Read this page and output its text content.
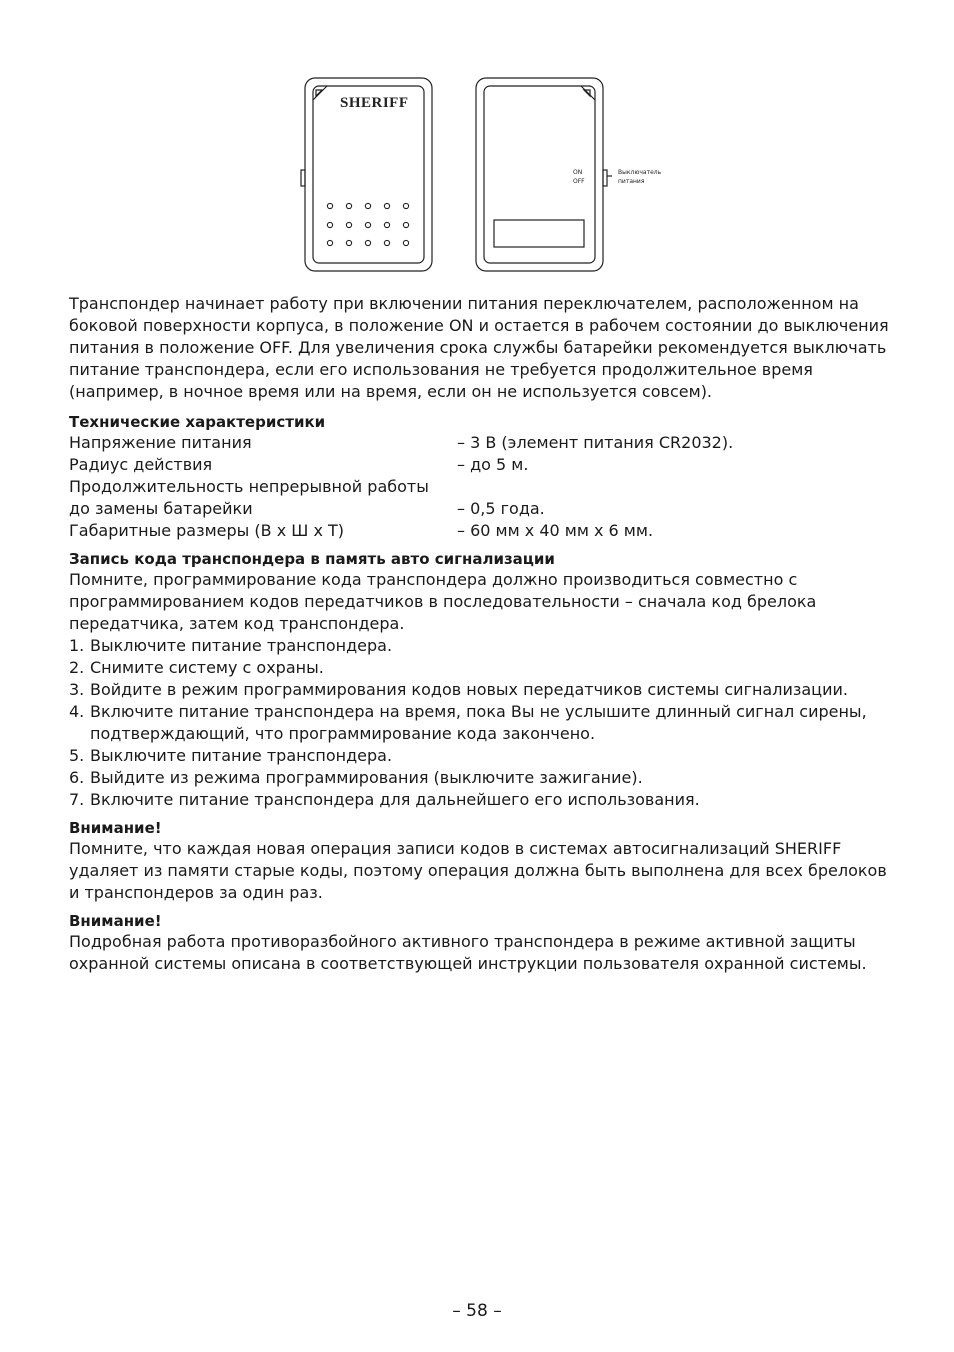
SHERIFF
ON
OFF
Выключатель
питания

Транспондер начинает работу при включении питания переключателем, расположенном на боковой поверхности корпуса, в положение ON и остается в рабочем состоянии до выключения питания в положение OFF. Для увеличения срока службы батарейки рекомендуется выключать питание транспондера, если его использования не требуется продолжительное время (например, в ночное время или на время, если он не используется совсем).

Технические характеристики

Напряжение питания	– 3 В (элемент питания CR2032).
Радиус действия	– до 5 м.
Продолжительность непрерывной работы
до замены батарейки	– 0,5 года.
Габаритные размеры (В х Ш х Т)	– 60 мм х 40 мм х 6 мм.

Запись кода транспондера в память авто сигнализации

Помните, программирование кода транспондера должно производиться совместно с программированием кодов передатчиков в последовательности – сначала код брелока передатчика, затем код транспондера.

1. Выключите питание транспондера.
2. Снимите систему с охраны.
3. Войдите в режим программирования кодов новых передатчиков системы сигнализации.
4. Включите питание транспондера на время, пока Вы не услышите длинный сигнал сирены, подтверждающий, что программирование кода закончено.
5. Выключите питание транспондера.
6. Выйдите из режима программирования (выключите зажигание).
7. Включите питание транспондера для дальнейшего его использования.

Внимание!

Помните, что каждая новая операция записи кодов в системах автосигнализаций SHERIFF удаляет из памяти старые коды, поэтому операция должна быть выполнена для всех брелоков и транспондеров за один раз.

Внимание!

Подробная работа противоразбойного активного транспондера в режиме активной защиты охранной системы описана в соответствующей инструкции пользователя охранной системы.

– 58 –
